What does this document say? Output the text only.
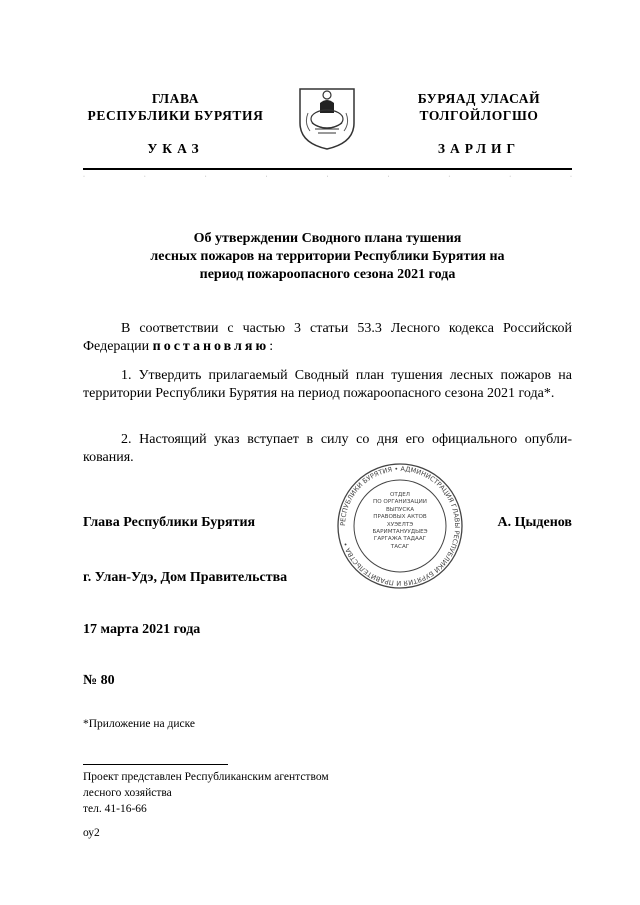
ГЛАВА
РЕСПУБЛИКИ БУРЯТИЯ
УКАЗ
БУРЯАД УЛАСАЙ
ТОЛГОЙЛОГШО
ЗАРЛИГ
·	·	·	·	·	·	·	·	·
Об утверждении Сводного плана тушения
лесных пожаров на территории Республики Бурятия на
период пожароопасного сезона 2021 года
В соответствии с частью 3 статьи 53.3 Лесного кодекса Российской Федерации постановляю:
1. Утвердить прилагаемый Сводный план тушения лесных пожаров на территории Республики Бурятия на период пожароопасного сезона 2021 года*.
2. Настоящий указ вступает в силу со дня его официального опубли-кования.
РЕСПУБЛИКИ БУРЯТИЯ • АДМИНИСТРАЦИЯ ГЛАВЫ РЕСПУБЛИКИ БУРЯТИЯ И ПРАВИТЕЛЬСТВА •
ОТДЕЛ
ПО ОРГАНИЗАЦИИ
ВЫПУСКА
ПРАВОВЫХ АКТОВ
ХУЭЕЛТЭ
БАРИМТАНУУДЫЕЭ
ГАРГАЖА ТАДААГ
ТАСАГ
Глава Республики Бурятия	А. Цыденов
г. Улан-Удэ, Дом Правительства
17 марта 2021 года
№ 80
*Приложение на диске
Проект представлен Республиканским агентством
лесного хозяйства
тел. 41-16-66
оу2
